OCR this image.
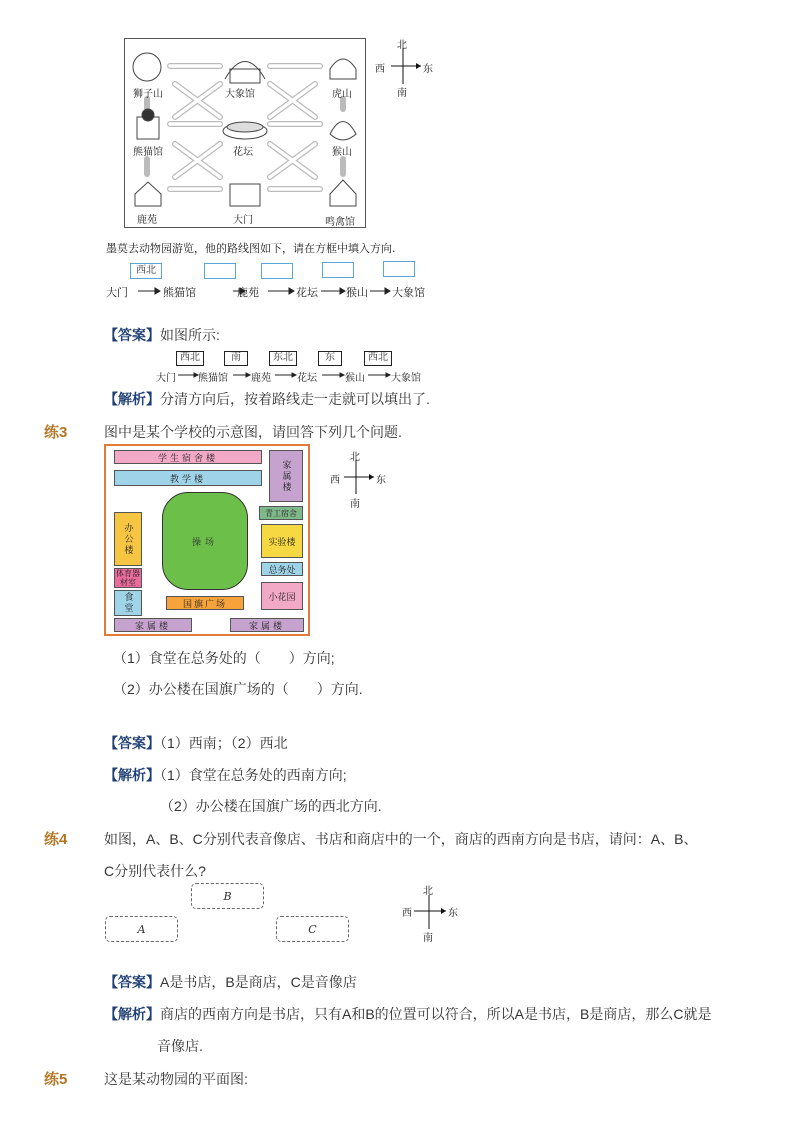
狮子山	大象馆	虎山
熊猫馆	花坛	猴山
鹿苑	大门	鸣禽馆
北
西	东
南
墨莫去动物园游览，他的路线图如下，请在方框中填入方向.
西北
大门	熊猫馆	鹿苑	花坛	猴山 大象馆
【答案】如图所示:
西北	南	东北	东	西北
大门 熊猫馆 鹿苑	花坛	猴山	大象馆
【解析】分清方向后，按着路线走一走就可以填出了.
练3	图中是某个学校的示意图，请回答下列几个问题.
学生宿舍楼
教学楼	家属楼
青工宿舍
办公楼	操场	实验楼
体育器材室
总务处
食堂	小花园
国旗广场
家属楼	家属楼
北
西	东
南
（1）食堂在总务处的（　　）方向;
（2）办公楼在国旗广场的（　　）方向.
【答案】（1）西南；（2）西北
【解析】（1）食堂在总务处的西南方向;
（2）办公楼在国旗广场的西北方向.
练4	如图，A、B、C分别代表音像店、书店和商店中的一个，商店的西南方向是书店，请问：A、B、
C分别代表什么?
B
A	C
北
西	东
南
【答案】A是书店，B是商店，C是音像店
【解析】商店的西南方向是书店，只有A和B的位置可以符合，所以A是书店，B是商店，那么C就是
音像店.
练5	这是某动物园的平面图:
